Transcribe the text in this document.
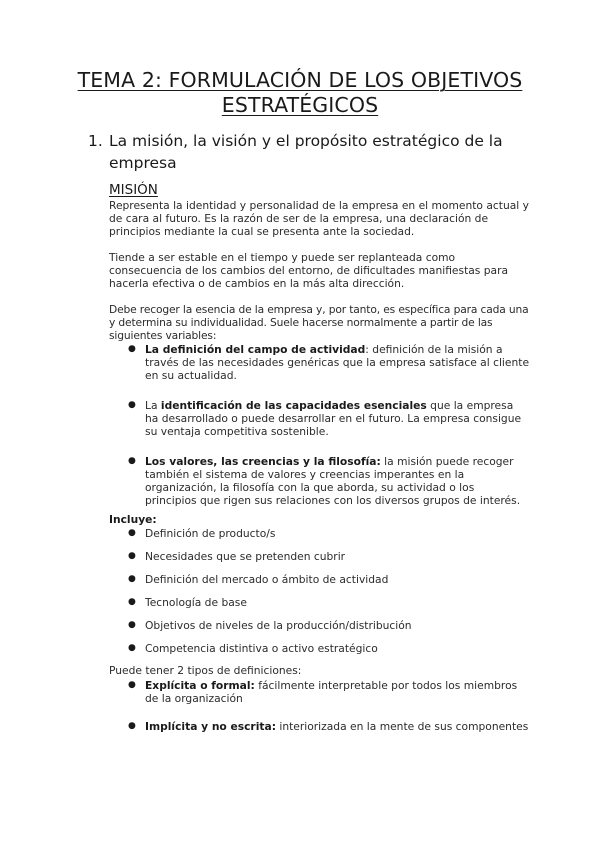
TEMA 2: FORMULACIÓN DE LOS OBJETIVOS ESTRATÉGICOS
1. La misión, la visión y el propósito estratégico de la empresa
MISIÓN
Representa la identidad y personalidad de la empresa en el momento actual y de cara al futuro. Es la razón de ser de la empresa, una declaración de principios mediante la cual se presenta ante la sociedad.
Tiende a ser estable en el tiempo y puede ser replanteada como consecuencia de los cambios del entorno, de dificultades manifiestas para hacerla efectiva o de cambios en la más alta dirección.
Debe recoger la esencia de la empresa y, por tanto, es específica para cada una y determina su individualidad. Suele hacerse normalmente a partir de las siguientes variables:
● La definición del campo de actividad: definición de la misión a través de las necesidades genéricas que la empresa satisface al cliente en su actualidad.
● La identificación de las capacidades esenciales que la empresa ha desarrollado o puede desarrollar en el futuro. La empresa consigue su ventaja competitiva sostenible.
● Los valores, las creencias y la filosofía: la misión puede recoger también el sistema de valores y creencias imperantes en la organización, la filosofía con la que aborda, su actividad o los principios que rigen sus relaciones con los diversos grupos de interés.
Incluye:
● Definición de producto/s
● Necesidades que se pretenden cubrir
● Definición del mercado o ámbito de actividad
● Tecnología de base
● Objetivos de niveles de la producción/distribución
● Competencia distintiva o activo estratégico
Puede tener 2 tipos de definiciones:
● Explícita o formal: fácilmente interpretable por todos los miembros de la organización
● Implícita y no escrita: interiorizada en la mente de sus componentes
